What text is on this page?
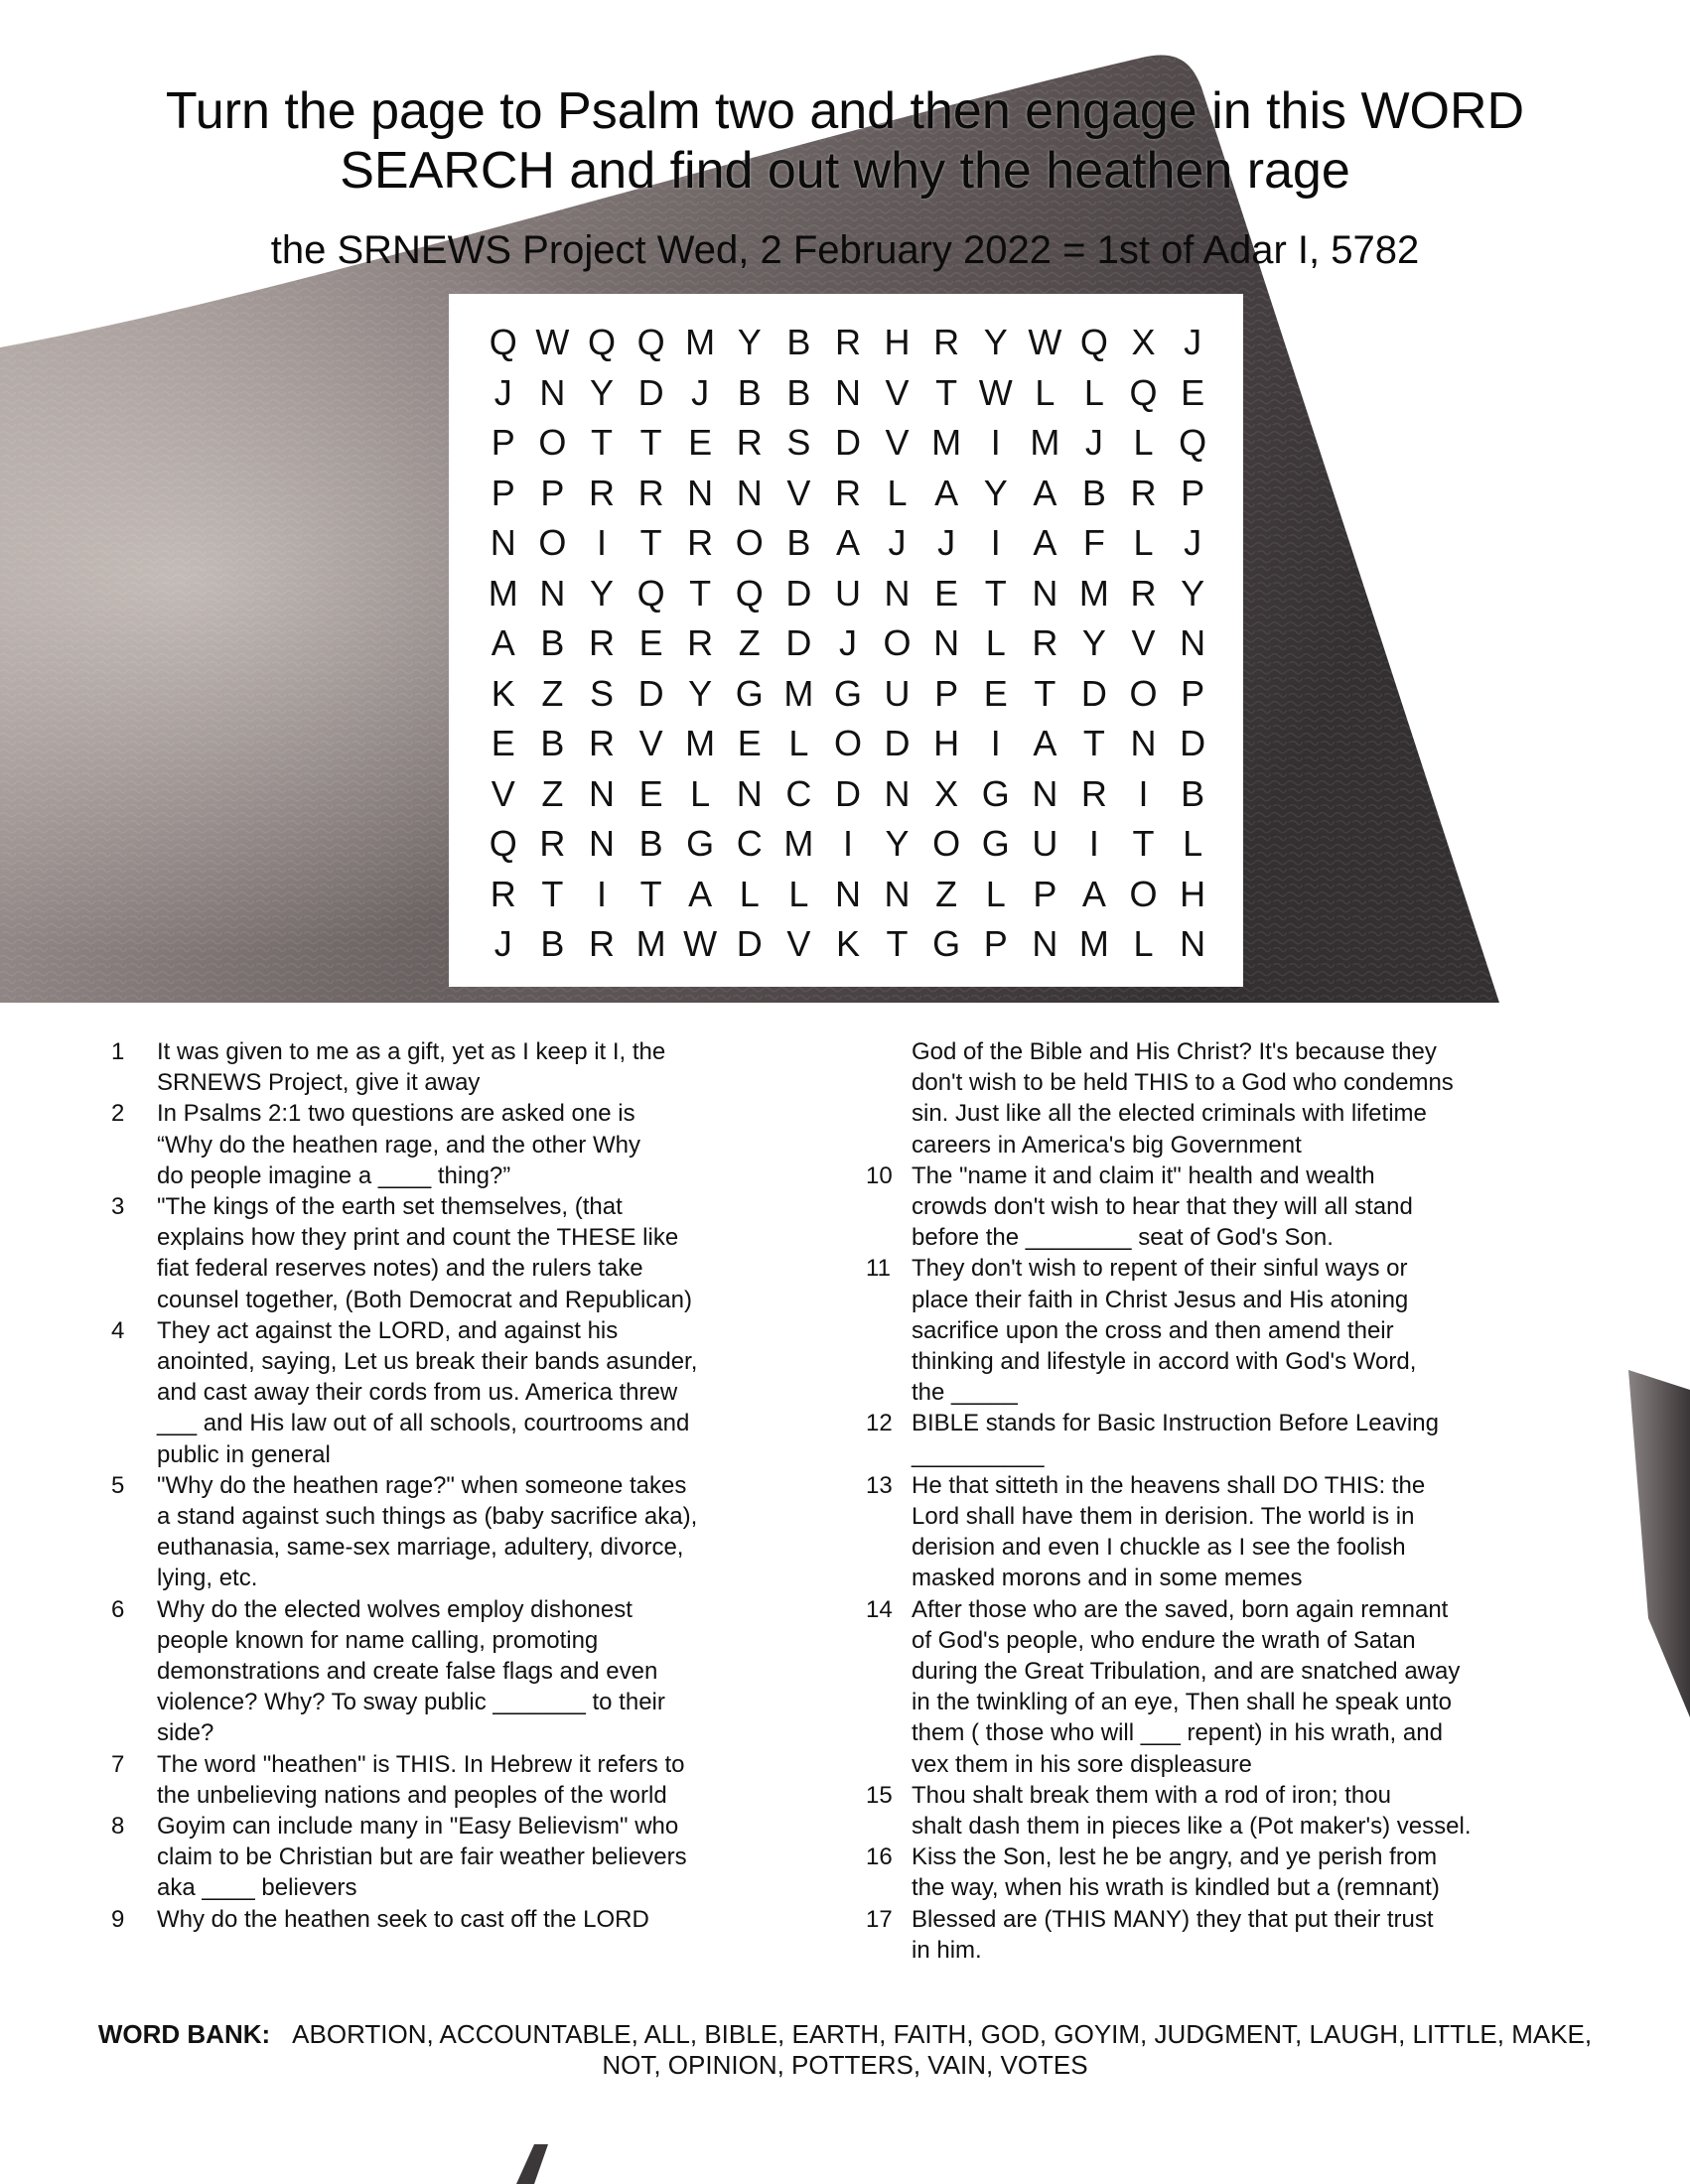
Turn the page to Psalm two and then engage in this WORD SEARCH and find out why the heathen rage
the SRNEWS Project Wed, 2 February 2022 = 1st of Adar I, 5782
Q W Q Q M Y B R H R Y W Q X J
J N Y D J B B N V T W L L Q E
P O T T E R S D V M I M J L Q
P P R R N N V R L A Y A B R P
N O I T R O B A J J I A F L J
M N Y Q T Q D U N E T N M R Y
A B R E R Z D J O N L R Y V N
K Z S D Y G M G U P E T D O P
E B R V M E L O D H I A T N D
V Z N E L N C D N X G N R I B
Q R N B G C M I Y O G U I T L
R T I T A L L N N Z L P A O H
J B R M W D V K T G P N M L N
1	It was given to me as a gift, yet as I keep it I, the
SRNEWS Project, give it away
2	In Psalms 2:1 two questions are asked one is
“Why do the heathen rage, and the other Why
do people imagine a ____ thing?”
3	"The kings of the earth set themselves, (that
explains how they print and count the THESE like
fiat federal reserves notes) and the rulers take
counsel together, (Both Democrat and Republican)
4	They act against the LORD, and against his
anointed, saying, Let us break their bands asunder,
and cast away their cords from us. America threw
___ and His law out of all schools, courtrooms and
public in general
5	"Why do the heathen rage?" when someone takes
a stand against such things as (baby sacrifice aka),
euthanasia, same-sex marriage, adultery, divorce,
lying, etc.
6	Why do the elected wolves employ dishonest
people known for name calling, promoting
demonstrations and create false flags and even
violence? Why? To sway public _______ to their
side?
7	The word "heathen" is THIS. In Hebrew it refers to
the unbelieving nations and peoples of the world
8	Goyim can include many in "Easy Believism" who
claim to be Christian but are fair weather believers
aka ____ believers
9	Why do the heathen seek to cast off the LORD
God of the Bible and His Christ? It's because they
don't wish to be held THIS to a God who condemns
sin. Just like all the elected criminals with lifetime
careers in America's big Government
10 The "name it and claim it" health and wealth
crowds don't wish to hear that they will all stand
before the ________ seat of God's Son.
11 They don't wish to repent of their sinful ways or
place their faith in Christ Jesus and His atoning
sacrifice upon the cross and then amend their
thinking and lifestyle in accord with God's Word,
the _____
12 BIBLE stands for Basic Instruction Before Leaving
__________
13 He that sitteth in the heavens shall DO THIS: the
Lord shall have them in derision. The world is in
derision and even I chuckle as I see the foolish
masked morons and in some memes
14 After those who are the saved, born again remnant
of God's people, who endure the wrath of Satan
during the Great Tribulation, and are snatched away
in the twinkling of an eye, Then shall he speak unto
them ( those who will ___ repent) in his wrath, and
vex them in his sore displeasure
15 Thou shalt break them with a rod of iron; thou
shalt dash them in pieces like a (Pot maker's) vessel.
16 Kiss the Son, lest he be angry, and ye perish from
the way, when his wrath is kindled but a (remnant)
17 Blessed are (THIS MANY) they that put their trust
in him.
WORD BANK: ABORTION, ACCOUNTABLE, ALL, BIBLE, EARTH, FAITH, GOD, GOYIM, JUDGMENT, LAUGH, LITTLE, MAKE, NOT, OPINION, POTTERS, VAIN, VOTES
